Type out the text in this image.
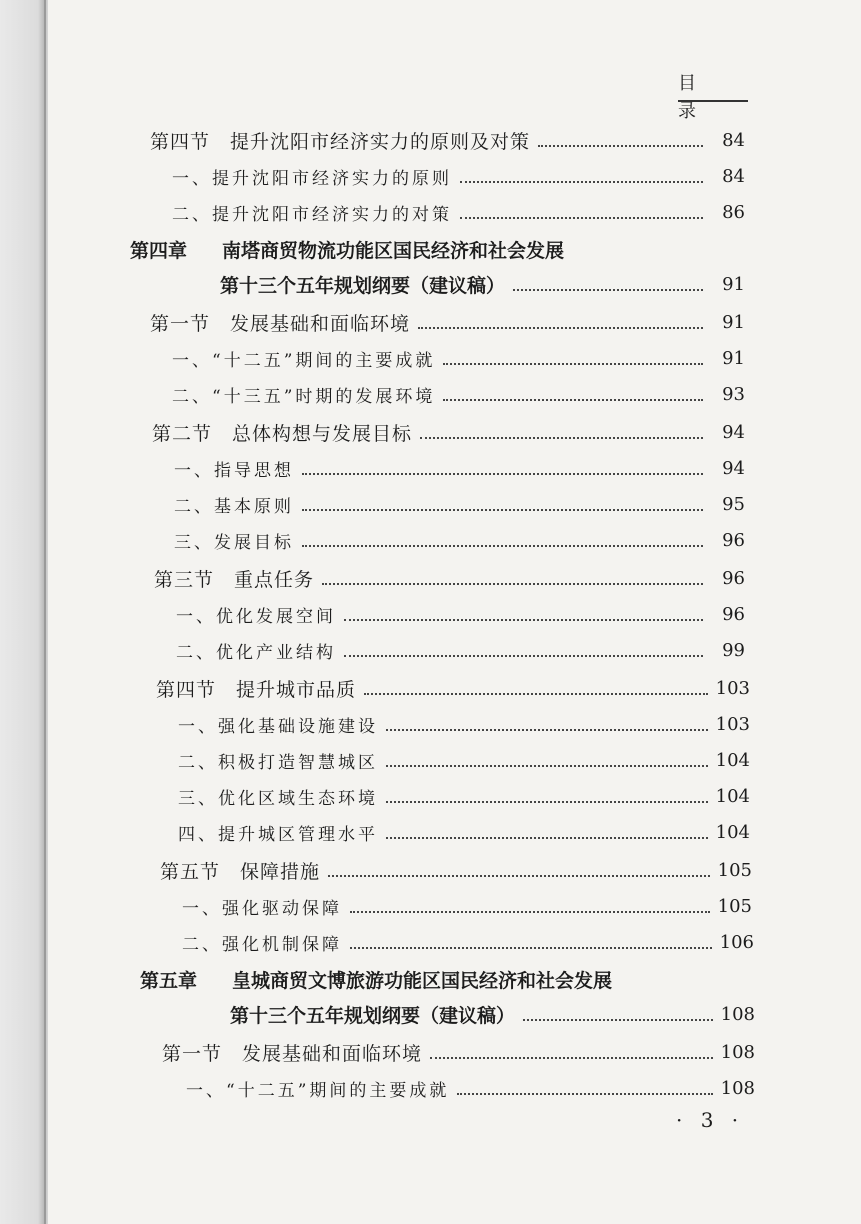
目 录
第四节　提升沈阳市经济实力的原则及对策	84
一、提升沈阳市经济实力的原则	84
二、提升沈阳市经济实力的对策	86
第四章 南塔商贸物流功能区国民经济和社会发展
第十三个五年规划纲要（建议稿）	91
第一节　发展基础和面临环境	91
一、“十二五”期间的主要成就	91
二、“十三五”时期的发展环境	93
第二节　总体构想与发展目标	94
一、指导思想	94
二、基本原则	95
三、发展目标	96
第三节　重点任务	96
一、优化发展空间	96
二、优化产业结构	99
第四节　提升城市品质	103
一、强化基础设施建设	103
二、积极打造智慧城区	104
三、优化区域生态环境	104
四、提升城区管理水平	104
第五节　保障措施	105
一、强化驱动保障	105
二、强化机制保障	106
第五章 皇城商贸文博旅游功能区国民经济和社会发展
第十三个五年规划纲要（建议稿）	108
第一节　发展基础和面临环境	108
一、“十二五”期间的主要成就	108
· 3 ·
